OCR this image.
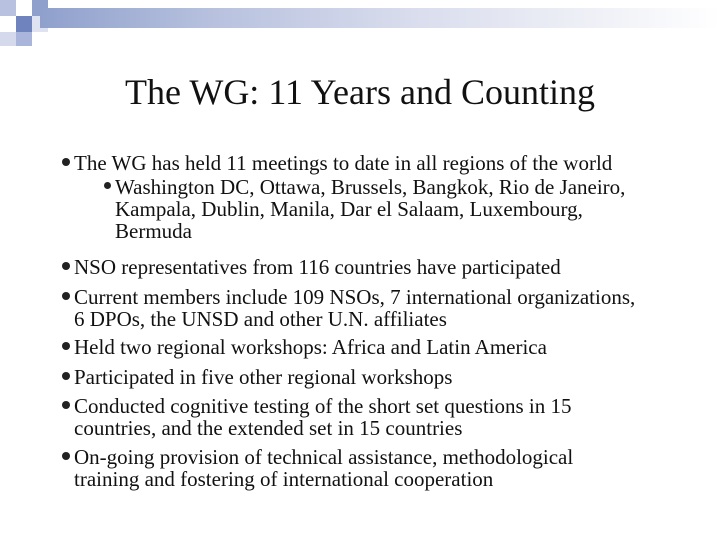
The WG: 11 Years and Counting
The WG has held 11 meetings to date in all regions of the world
Washington DC, Ottawa, Brussels, Bangkok, Rio de Janeiro,
Kampala, Dublin, Manila, Dar el Salaam, Luxembourg,
Bermuda
NSO representatives from 116 countries have participated
Current members include 109 NSOs, 7 international organizations,
6 DPOs, the UNSD and other U.N. affiliates
Held two regional workshops: Africa and Latin America
Participated in five other regional workshops
Conducted cognitive testing of the short set questions in 15
countries, and the extended set in 15 countries
On-going provision of technical assistance, methodological
training and fostering of international cooperation
